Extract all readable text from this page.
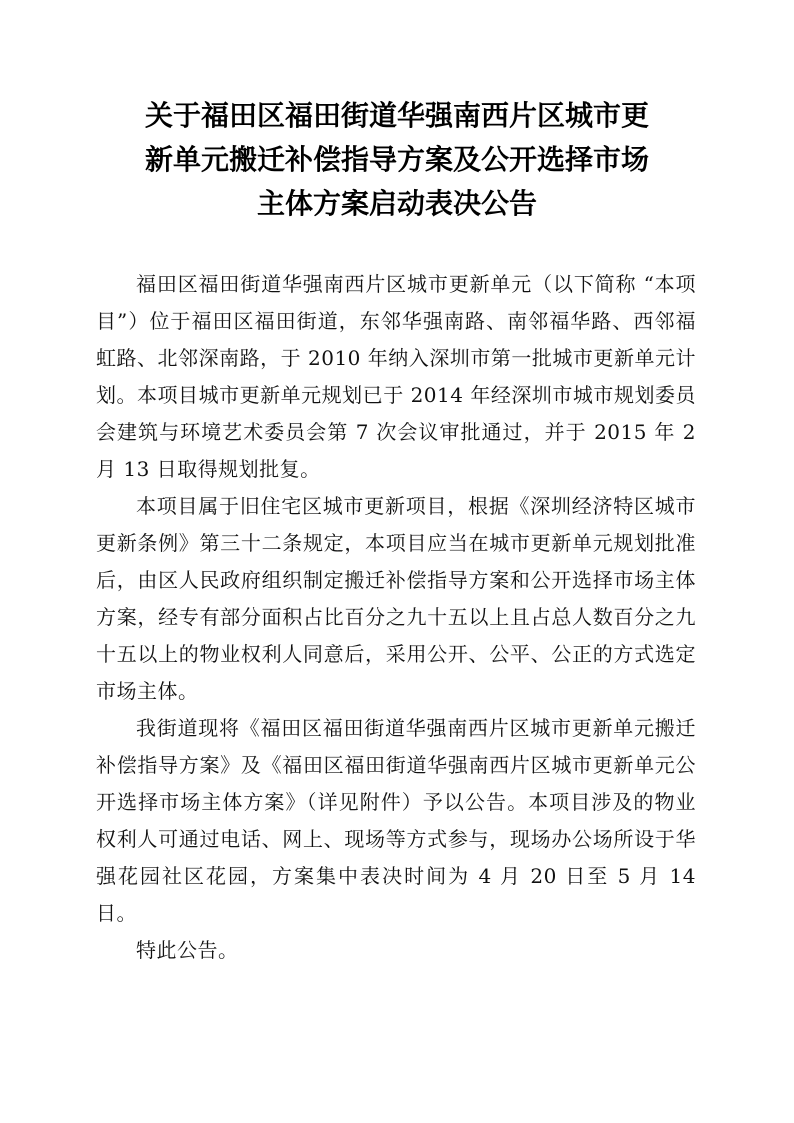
关于福田区福田街道华强南西片区城市更
新单元搬迁补偿指导方案及公开选择市场
主体方案启动表决公告

福田区福田街道华强南西片区城市更新单元（以下简称 “本项目”）位于福田区福田街道，东邻华强南路、南邻福华路、西邻福虹路、北邻深南路，于 2010 年纳入深圳市第一批城市更新单元计划。本项目城市更新单元规划已于 2014 年经深圳市城市规划委员会建筑与环境艺术委员会第 7 次会议审批通过，并于 2015 年 2 月 13 日取得规划批复。

本项目属于旧住宅区城市更新项目，根据《深圳经济特区城市更新条例》第三十二条规定，本项目应当在城市更新单元规划批准后，由区人民政府组织制定搬迁补偿指导方案和公开选择市场主体方案，经专有部分面积占比百分之九十五以上且占总人数百分之九十五以上的物业权利人同意后，采用公开、公平、公正的方式选定市场主体。

我街道现将《福田区福田街道华强南西片区城市更新单元搬迁补偿指导方案》及《福田区福田街道华强南西片区城市更新单元公开选择市场主体方案》（详见附件）予以公告。本项目涉及的物业权利人可通过电话、网上、现场等方式参与，现场办公场所设于华强花园社区花园，方案集中表决时间为 4 月 20 日至 5 月 14 日。

特此公告。
